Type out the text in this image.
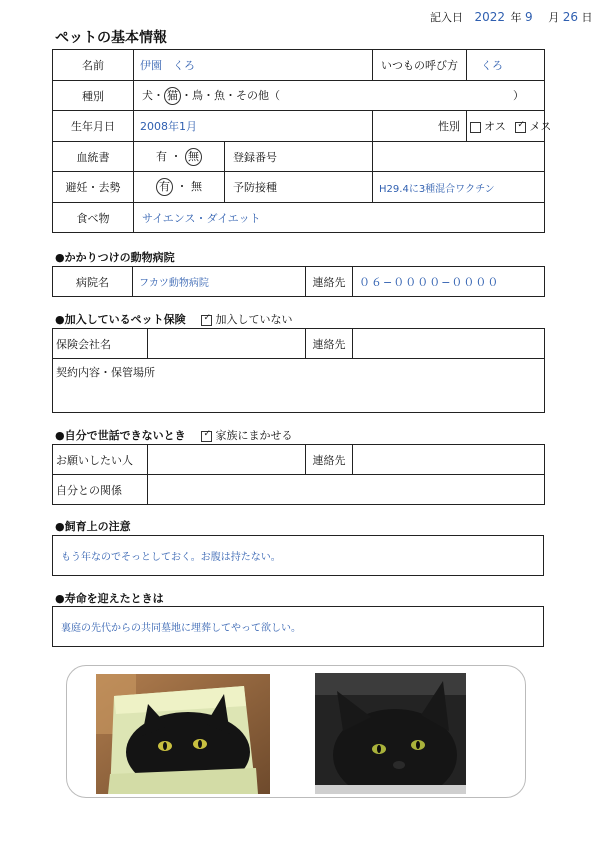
記入日 2022 年 9 月 26 日
ペットの基本情報
名前	伊園　くろ		いつもの呼び方	くろ
種別	犬・ 猫 ・鳥・魚・その他（ ）			

生年月日	2008年1月		性別	オス ✓ メス
血統書	有 ・ 無	登録番号		
避妊・去勢	有 ・ 無	予防接種	H29.4に3種混合ワクチン	
食べ物	サイエンス・ダイエット			
●かかりつけの動物病院
病院名	フカツ動物病院	連絡先	０６−００００−００００
●加入しているペット保険 ✓	加入していない
保険会社名		連絡先	
契約内容・保管場所
●自分で世話できないとき ✓	家族にまかせる
お願いしたい人		連絡先	
自分との関係			
●飼育上の注意
もう年なのでそっとしておく。お腹は持たない。
●寿命を迎えたときは
裏庭の先代からの共同墓地に埋葬してやって欲しい。
